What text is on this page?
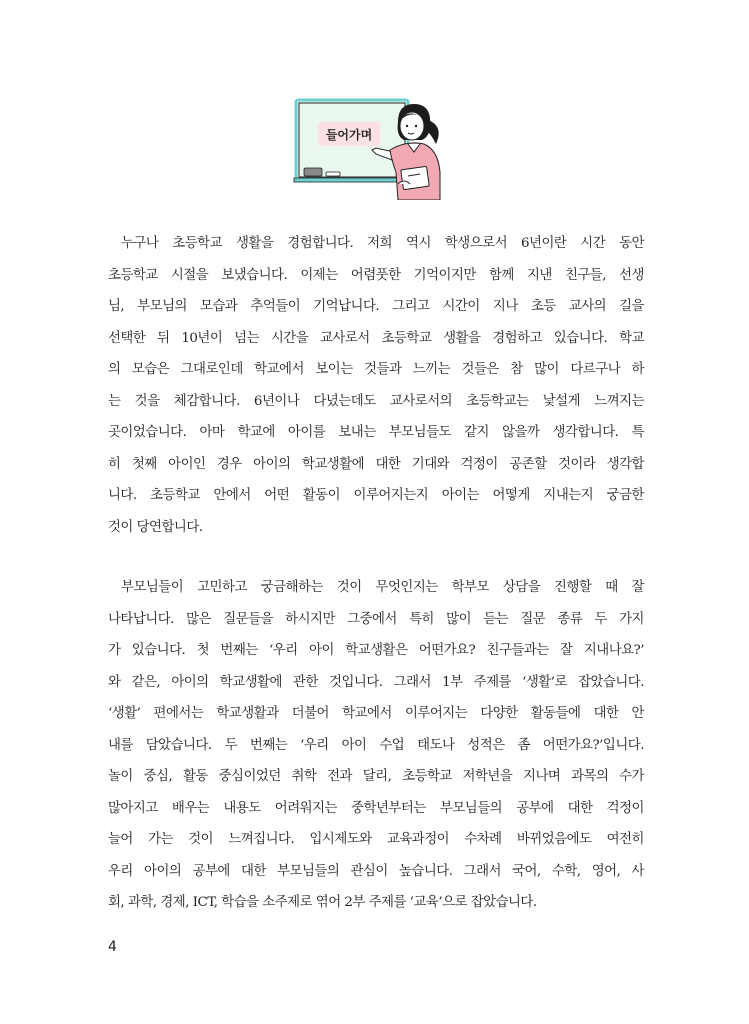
들어가며
누구나 초등학교 생활을 경험합니다. 저희 역시 학생으로서 6년이란 시간 동안
초등학교 시절을 보냈습니다. 이제는 어렴풋한 기억이지만 함께 지낸 친구들, 선생
님, 부모님의 모습과 추억들이 기억납니다. 그리고 시간이 지나 초등 교사의 길을
선택한 뒤 10년이 넘는 시간을 교사로서 초등학교 생활을 경험하고 있습니다. 학교
의 모습은 그대로인데 학교에서 보이는 것들과 느끼는 것들은 참 많이 다르구나 하
는 것을 체감합니다. 6년이나 다녔는데도 교사로서의 초등학교는 낯설게 느껴지는
곳이었습니다. 아마 학교에 아이를 보내는 부모님들도 같지 않을까 생각합니다. 특
히 첫째 아이인 경우 아이의 학교생활에 대한 기대와 걱정이 공존할 것이라 생각합
니다. 초등학교 안에서 어떤 활동이 이루어지는지 아이는 어떻게 지내는지 궁금한
것이 당연합니다.
부모님들이 고민하고 궁금해하는 것이 무엇인지는 학부모 상담을 진행할 때 잘
나타납니다. 많은 질문들을 하시지만 그중에서 특히 많이 듣는 질문 종류 두 가지
가 있습니다. 첫 번째는 ‘우리 아이 학교생활은 어떤가요? 친구들과는 잘 지내나요?’
와 같은, 아이의 학교생활에 관한 것입니다. 그래서 1부 주제를 ‘생활’로 잡았습니다.
‘생활’ 편에서는 학교생활과 더불어 학교에서 이루어지는 다양한 활동들에 대한 안
내를 담았습니다. 두 번째는 ‘우리 아이 수업 태도나 성적은 좀 어떤가요?’입니다.
놀이 중심, 활동 중심이었던 취학 전과 달리, 초등학교 저학년을 지나며 과목의 수가
많아지고 배우는 내용도 어려워지는 중학년부터는 부모님들의 공부에 대한 걱정이
늘어 가는 것이 느껴집니다. 입시제도와 교육과정이 수차례 바뀌었음에도 여전히
우리 아이의 공부에 대한 부모님들의 관심이 높습니다. 그래서 국어, 수학, 영어, 사
회, 과학, 경제, ICT, 학습을 소주제로 엮어 2부 주제를 ‘교육’으로 잡았습니다.
4
